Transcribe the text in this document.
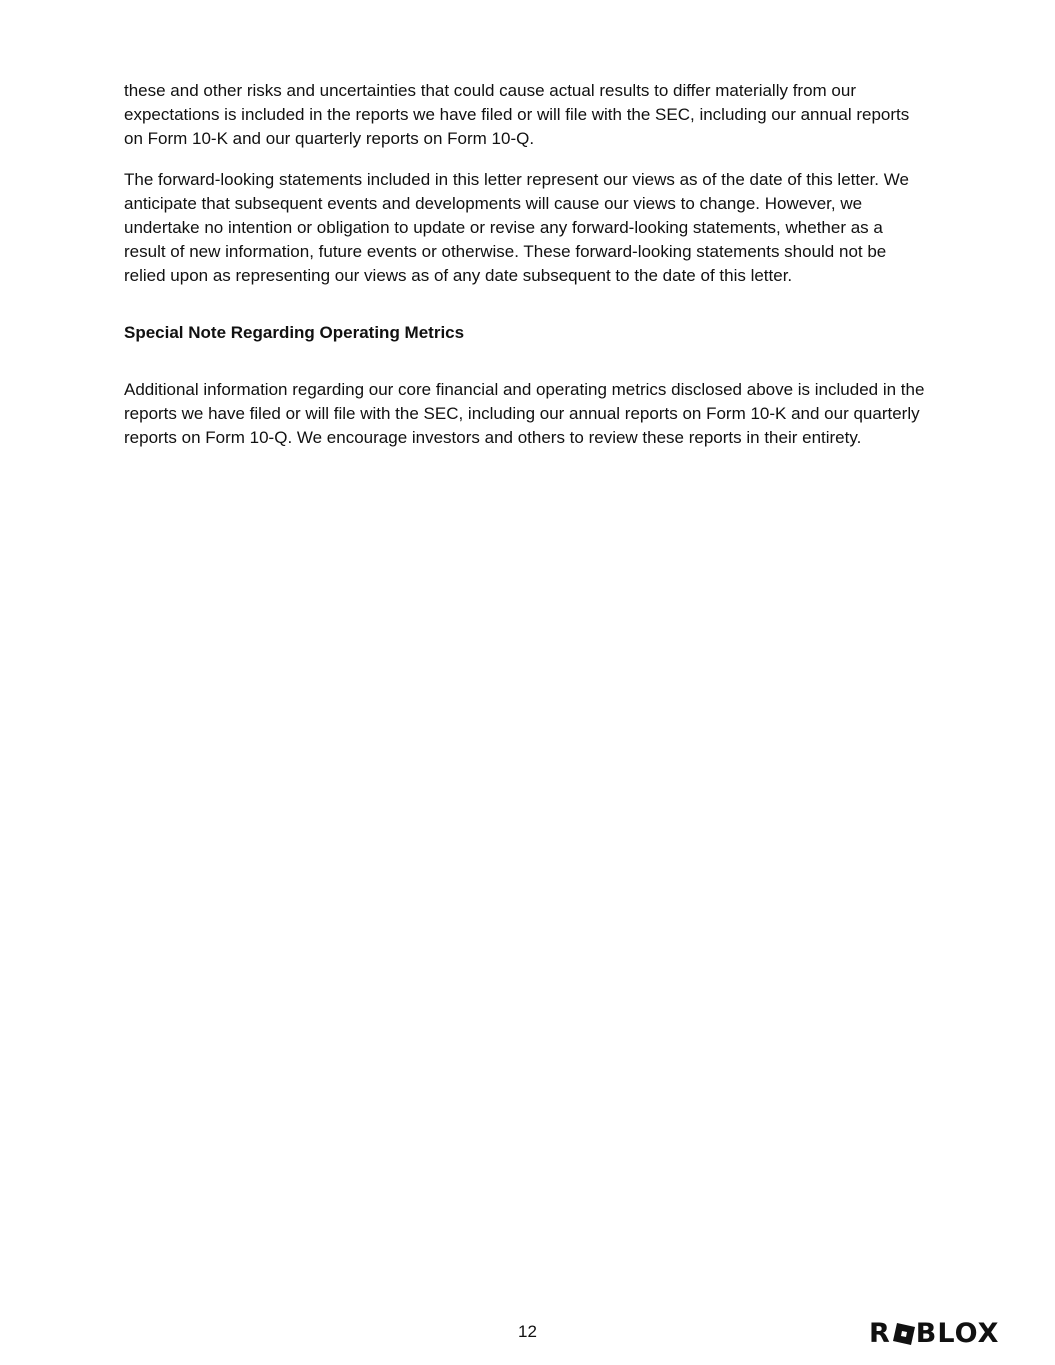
these and other risks and uncertainties that could cause actual results to differ materially from our expectations is included in the reports we have filed or will file with the SEC, including our annual reports on Form 10-K and our quarterly reports on Form 10-Q.

The forward-looking statements included in this letter represent our views as of the date of this letter. We anticipate that subsequent events and developments will cause our views to change. However, we undertake no intention or obligation to update or revise any forward-looking statements, whether as a result of new information, future events or otherwise. These forward-looking statements should not be relied upon as representing our views as of any date subsequent to the date of this letter.

Special Note Regarding Operating Metrics

Additional information regarding our core financial and operating metrics disclosed above is included in the reports we have filed or will file with the SEC, including our annual reports on Form 10-K and our quarterly reports on Form 10-Q. We encourage investors and others to review these reports in their entirety.

12	R BLOX
